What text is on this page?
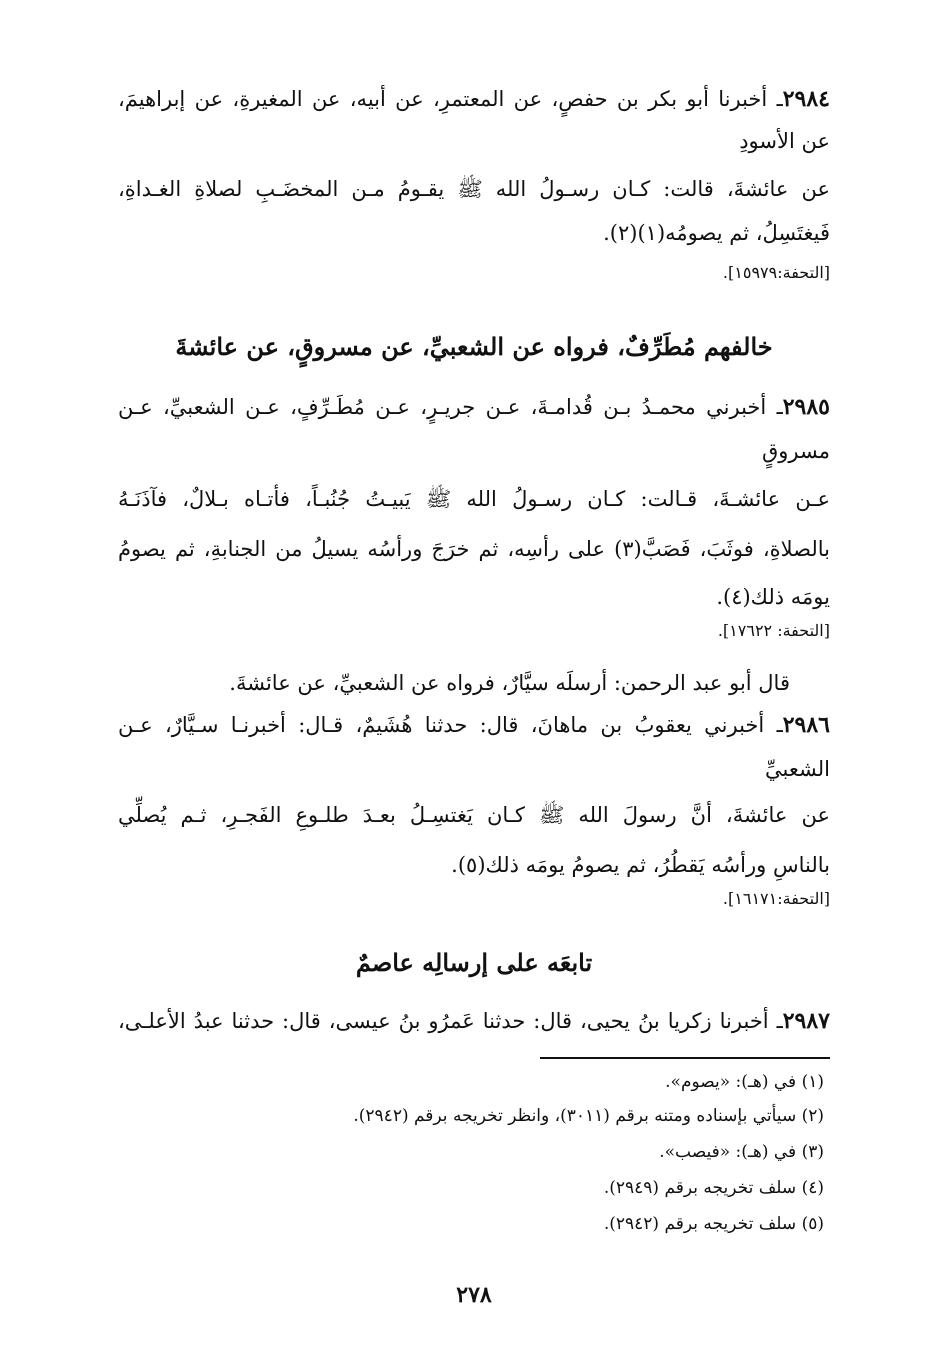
٢٩٨٤ـ أخبرنا أبو بكر بن حفصٍ، عن المعتمرِ، عن أبيه، عن المغيرةِ، عن إبراهيمَ،
عن الأسودِ
عن عائشةَ، قالت: كـان رسـولُ الله ﷺ يقـومُ مـن المخضَـبِ لصلاةِ الغـداةِ،
فَيغتَسِلُ، ثم يصومُه(١)(٢).
[التحفة:١٥٩٧٩].
خالفهم مُطَرِّفٌ، فرواه عن الشعبيِّ، عن مسروقٍ، عن عائشةَ
٢٩٨٥ـ أخبرني محمـدُ بـن قُدامـةَ، عـن جريـرٍ، عـن مُطَـرِّفٍ، عـن الشعبيِّ، عـن
مسروقٍ
عـن عائشـةَ، قـالت: كـان رسـولُ الله ﷺ يَبيـتُ جُنُبـاً، فأتـاه بـلالٌ، فآذَنَـهُ
بالصلاةِ، فوثَبَ، فَصَبَّ(٣) على رأسِه، ثم خرَجَ ورأسُه يسيلُ من الجنابةِ، ثم يصومُ
يومَه ذلك(٤).
[التحفة: ١٧٦٢٢].
قال أبو عبد الرحمن: أرسلَه سيَّارٌ، فرواه عن الشعبيِّ، عن عائشةَ.
٢٩٨٦ـ أخبرني يعقوبُ بن ماهانَ، قال: حدثنا هُشَيمٌ، قـال: أخبرنـا سـيَّارٌ، عـن
الشعبيِّ
عن عائشةَ، أنَّ رسولَ الله ﷺ كـان يَغتسِـلُ بعـدَ طلـوعِ الفَجـرِ، ثـم يُصلِّي
بالناسِ ورأسُه يَقطُرُ، ثم يصومُ يومَه ذلك(٥).
[التحفة:١٦١٧١].
تابعَه على إرسالِه عاصمٌ
٢٩٨٧ـ أخبرنا زكريا بنُ يحيى، قال: حدثنا عَمرُو بنُ عيسى، قال: حدثنا عبدُ الأعلـى،
(١) في (هـ): «يصوم».
(٢) سيأتي بإسناده ومتنه برقم (٣٠١١)، وانظر تخريجه برقم (٢٩٤٢).
(٣) في (هـ): «فيصب».
(٤) سلف تخريجه برقم (٢٩٤٩).
(٥) سلف تخريجه برقم (٢٩٤٢).
٢٧٨
